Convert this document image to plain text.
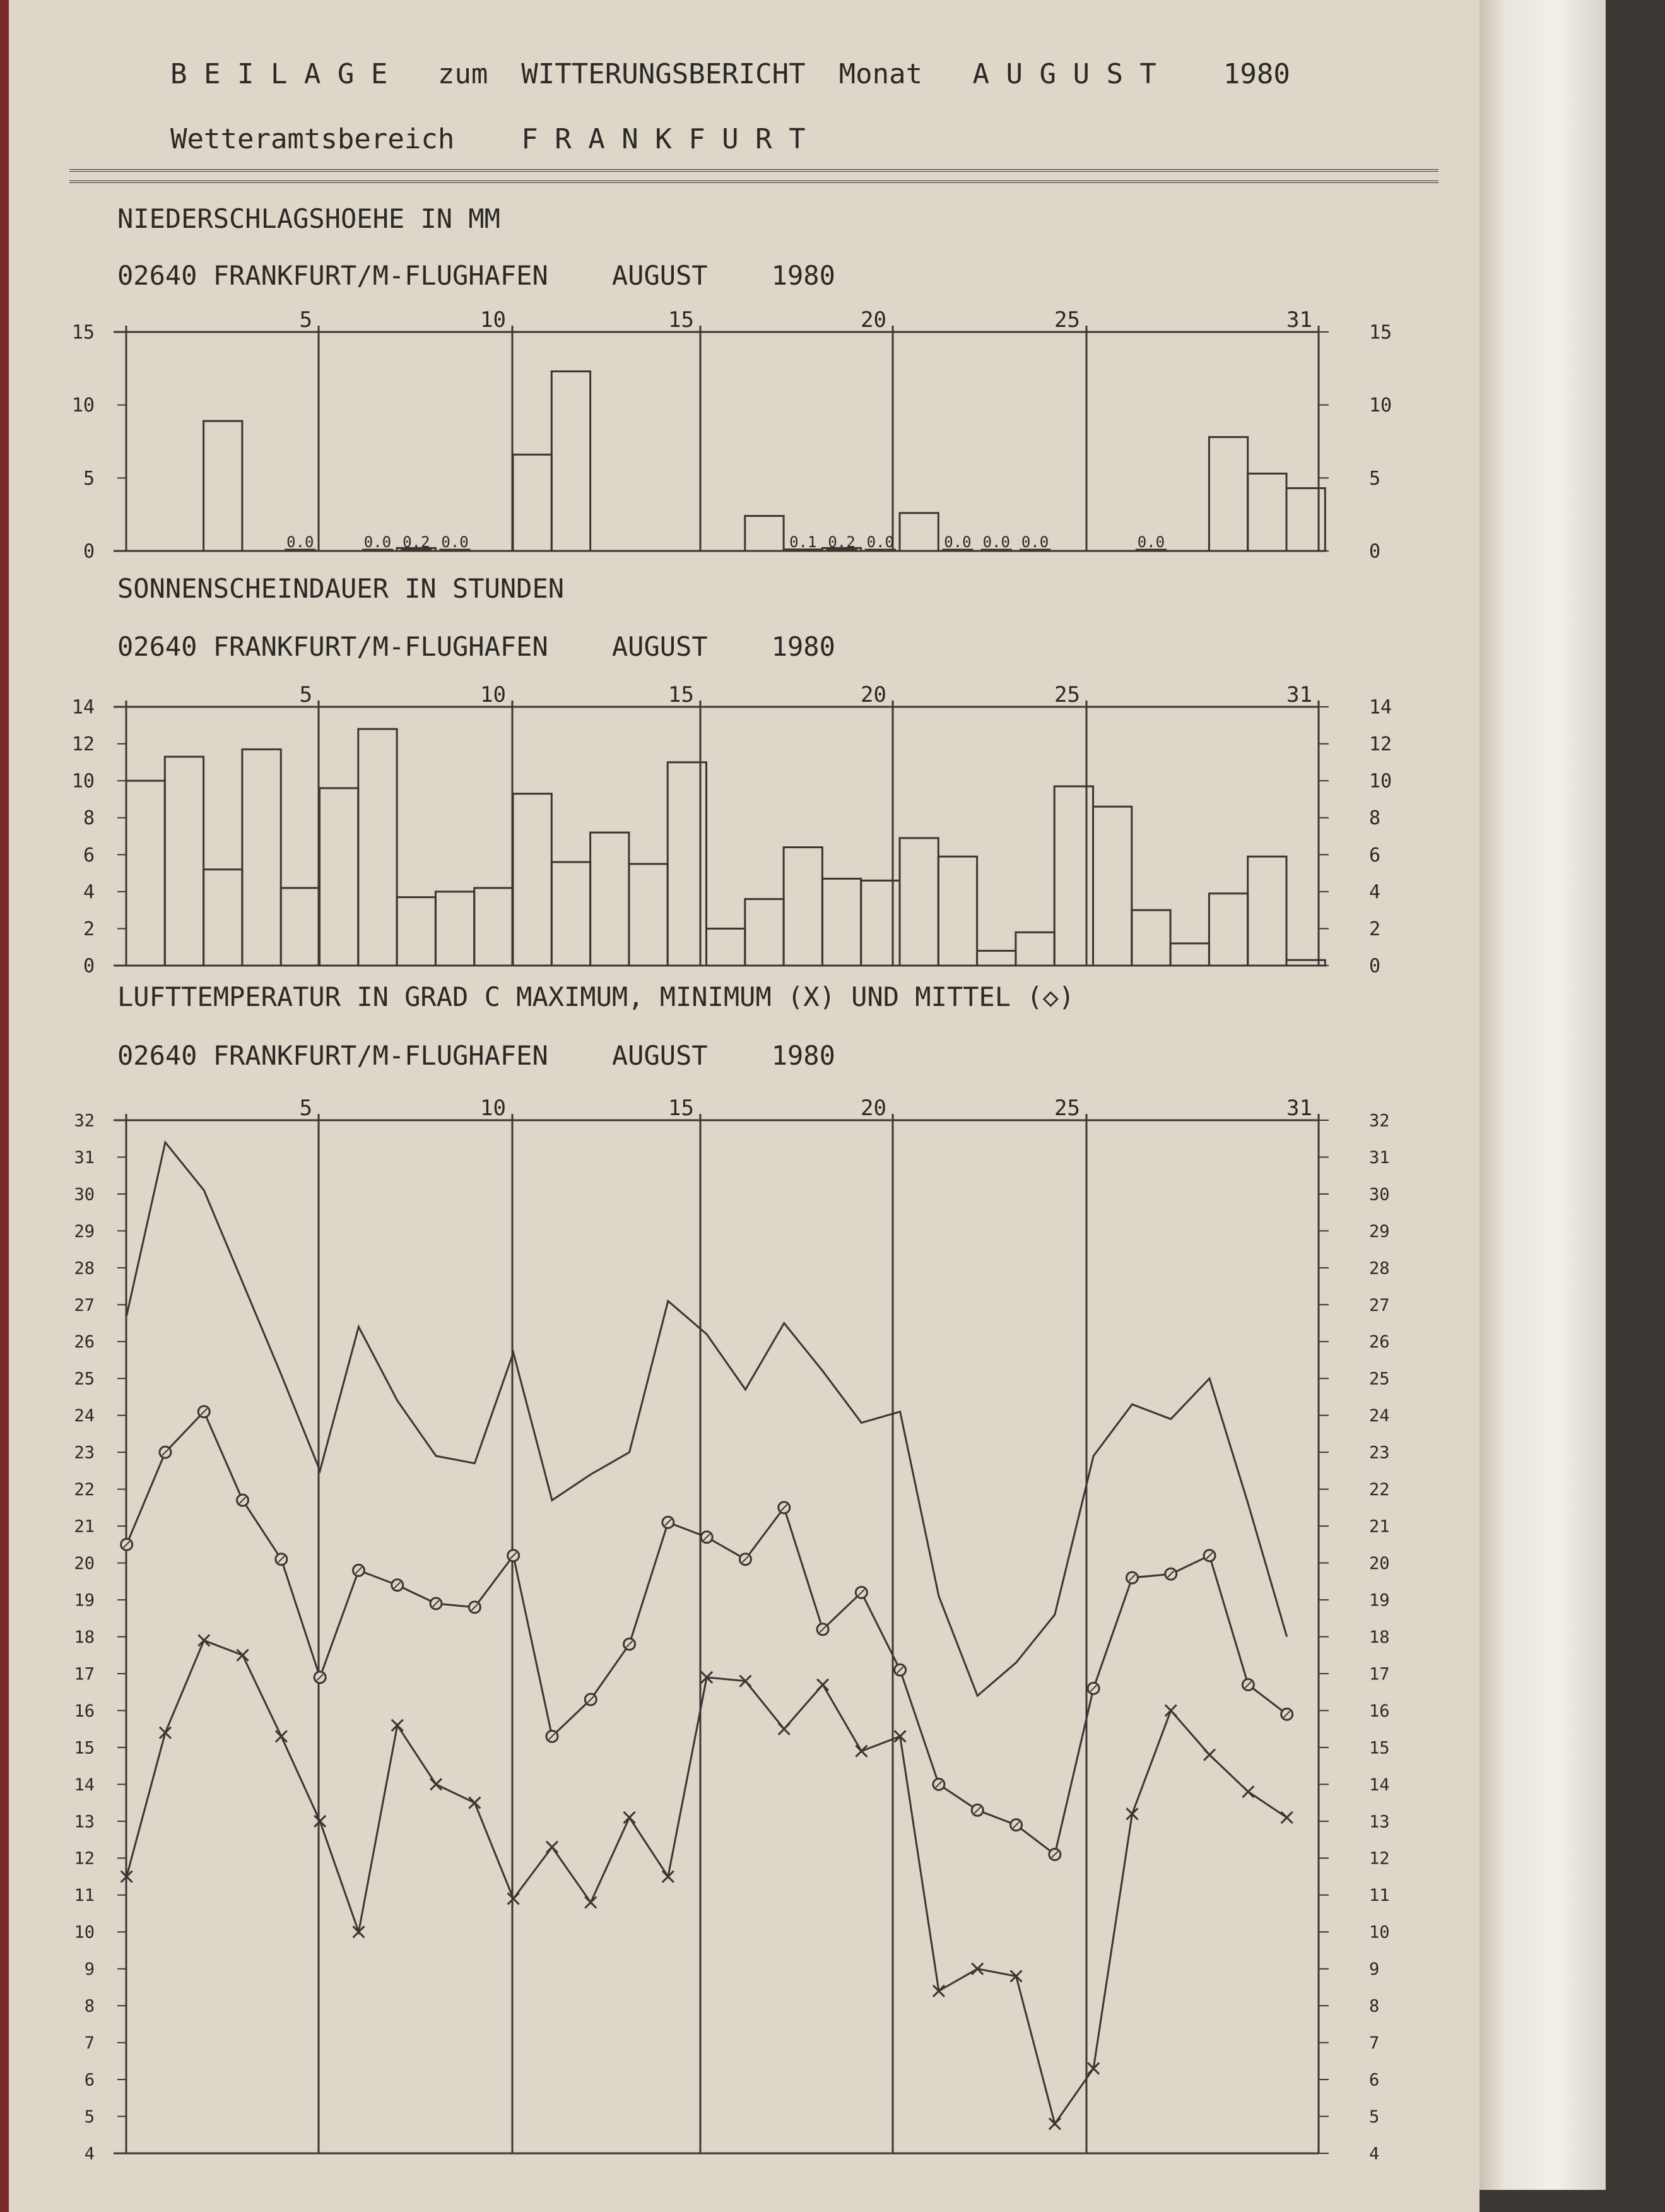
B E I L A G E   zum  WITTERUNGSBERICHT  Monat   A U G U S T    1980
Wetteramtsbereich    F R A N K F U R T
NIEDERSCHLAGSHOEHE IN MM
02640 FRANKFURT/M-FLUGHAFEN    AUGUST    1980
SONNENSCHEINDAUER IN STUNDEN
02640 FRANKFURT/M-FLUGHAFEN    AUGUST    1980
LUFTTEMPERATUR IN GRAD C MAXIMUM, MINIMUM (X) UND MITTEL (◇)
02640 FRANKFURT/M-FLUGHAFEN    AUGUST    1980
5	10	15	20	25	31
0	0
5	5
10	10
15	15
0.0	0.0 0.2 0.0	0.1 0.2 0.0	0.0 0.0 0.0	0.0
5	10	15	20	25	31
0	0
2	2
4	4
6	6
8	8
10	10
12	12
14	14
5	10	15	20	25	31
4	4
5	5
6	6
7	7
8	8
9	9
10	10
11	11
12	12
13	13
14	14
15	15
16	16
17	17
18	18
19	19
20	20
21	21
22	22
23	23
24	24
25	25
26	26
27	27
28	28
29	29
30	30
31	31
32	32
